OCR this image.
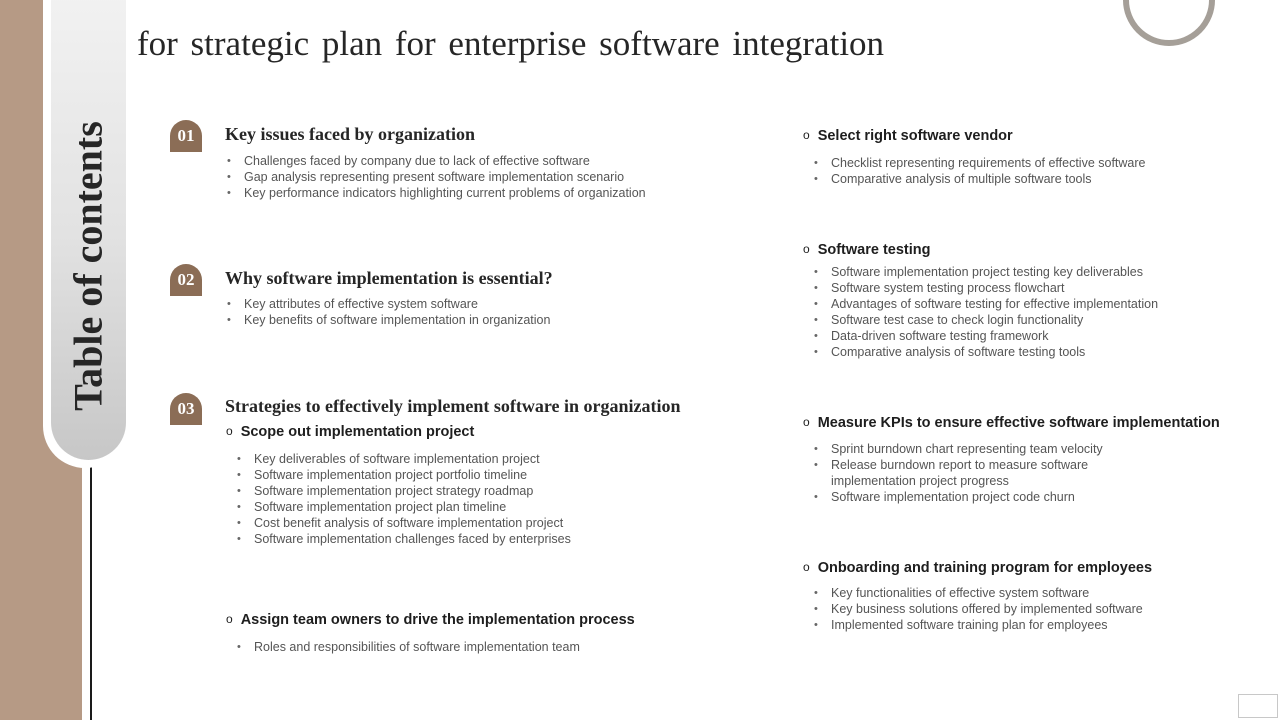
Table of contents
for strategic plan for enterprise software integration
01	Key issues faced by organization
• Challenges faced by company due to lack of effective software
• Gap analysis representing present software implementation scenario
• Key performance indicators highlighting current problems of organization
02	Why software implementation is essential?
• Key attributes of effective system software
• Key benefits of software implementation in organization
03	Strategies to effectively implement software in organization
o Scope out implementation project
• Key deliverables of software implementation project
• Software implementation project portfolio timeline
• Software implementation project strategy roadmap
• Software implementation project plan timeline
• Cost benefit analysis of software implementation project
• Software implementation challenges faced by enterprises
o Assign team owners to drive the implementation process
• Roles and responsibilities of software implementation team
o Select right software vendor
• Checklist representing requirements of effective software
• Comparative analysis of multiple software tools
o Software testing
• Software implementation project testing key deliverables
• Software system testing process flowchart
• Advantages of software testing for effective implementation
• Software test case to check login functionality
• Data-driven software testing framework
• Comparative analysis of software testing tools
o Measure KPIs to ensure effective software implementation
• Sprint burndown chart representing team velocity
• Release burndown report to measure software
implementation project progress
• Software implementation project code churn
o Onboarding and training program for employees
• Key functionalities of effective system software
• Key business solutions offered by implemented software
• Implemented software training plan for employees
